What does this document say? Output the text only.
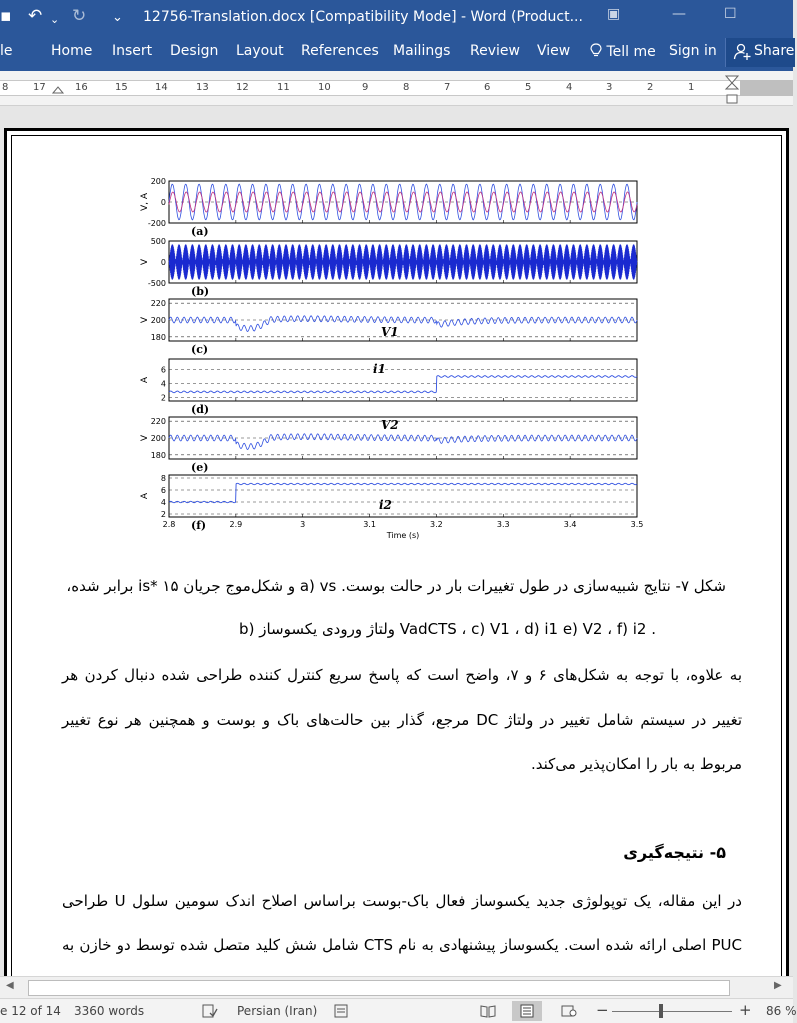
▪ ↶ ⌄ ↻ ⌄ 12756-Translation.docx [Compatibility Mode] - Word (Product... ▣	—	☐
le	Home Insert Design Layout References Mailings Review View	Tell me Sign in	Share
8 17	16	15	14	13	12	11	10	9	8	7	6	5	4	3	2	1
200
0
-200
V, A
(a)
500
0
-500
V
(b)
220
200
180
V
(c)
V1
6
4
2
A
(d)
i1
220
200
180
V
(e)
V2
8
6
4
2
A
(f)
i2
2.8	2.9	3	3.1	3.2	3.3	3.4	3.5
Time (s)
شکل ۷- نتایج شبیه‌سازی در طول تغییرات بار در حالت بوست. a) vs و شکل‌موج جریان is* ۱۵ برابر شده،
b) ولتاژ ورودی یکسوساز VadCTS ، c) V1 ، d) i1 e) V2 ، f) i2 .
به علاوه، با توجه به شکل‌های ۶ و ۷، واضح است که پاسخ سریع کنترل کننده طراحی شده دنبال کردن هر
تغییر در سیستم شامل تغییر در ولتاژ DC مرجع، گذار بین حالت‌های باک و بوست و همچنین هر نوع تغییر
مربوط به بار را امکان‌پذیر می‌کند.
۵- نتیجه‌گیری
در این مقاله، یک توپولوژی جدید یکسوساز فعال باک-بوست براساس اصلاح اندک سومین سلول U طراحی
PUC اصلی ارائه شده است. یکسوساز پیشنهادی به نام CTS شامل شش کلید متصل شده توسط دو خازن به
◀	▶
e 12 of 14 3360 words	Persian (Iran)	−	+ 86 %
